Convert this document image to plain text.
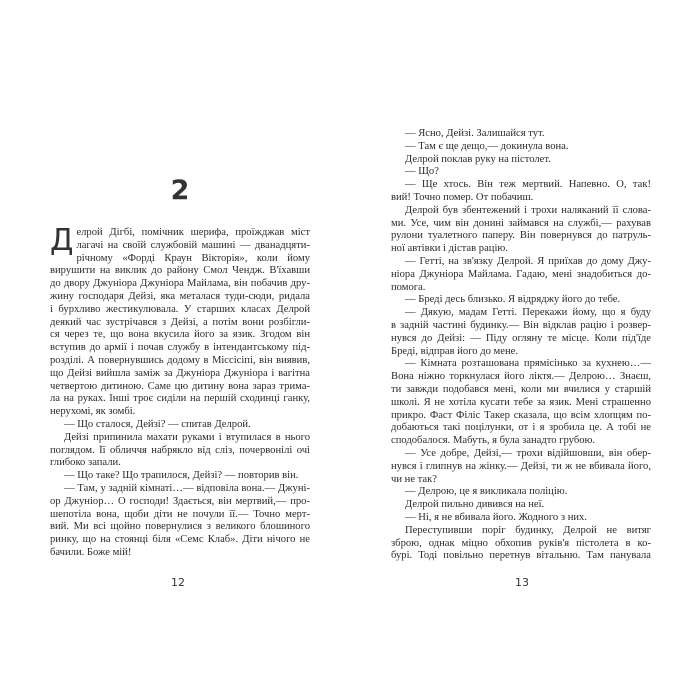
2
Д елрой Дігбі, помічник шерифа, проїжджав міст
лагачі на своїй службовій машині — дванадцяти-
річному «Форді Краун Вікторія», коли йому
вирушити на виклик до району Смол Чендж. В'їхавши
до двору Джуніора Джуніора Майлама, він побачив дру-
жину господаря Дейзі, яка металася туди-сюди, ридала
і бурхливо жестикулювала. У старших класах Делрой
деякий час зустрічався з Дейзі, а потім вони розбігли-
ся через те, що вона вкусила його за язик. Згодом він
вступив до армії і почав службу в інтендантському під-
розділі. А повернувшись додому в Міссісіпі, він виявив,
що Дейзі вийшла заміж за Джуніора Джуніора і вагітна
четвертою дитиною. Саме цю дитину вона зараз трима-
ла на руках. Інші троє сиділи на першій сходинці ганку,
нерухомі, як зомбі.
— Що сталося, Дейзі? — спитав Делрой.
Дейзі припинила махати руками і втупилася в нього
поглядом. Її обличчя набрякло від сліз, почервонілі очі
глибоко запали.
— Що таке? Що трапилося, Дейзі? — повторив він.
— Там, у задній кімнаті…— відповіла вона.— Джуні-
ор Джуніор… О господи! Здається, він мертвий,— про-
шепотіла вона, щоби діти не почули її.— Точно мерт-
вий. Ми всі щойно повернулися з великого блошиного
ринку, що на стоянці біля «Семс Клаб». Діти нічого не
бачили. Боже мій!
12
— Ясно, Дейзі. Залишайся тут.
— Там є ще дещо,— докинула вона.
Делрой поклав руку на пістолет.
— Що?
— Ще хтось. Він теж мертвий. Напевно. О, так!
вий! Точно помер. От побачиш.
Делрой був збентежений і трохи наляканий її слова-
ми. Усе, чим він донині займався на службі,— рахував
рулони туалетного паперу. Він повернувся до патруль-
ної автівки і дістав рацію.
— Гетті, на зв'язку Делрой. Я приїхав до дому Джу-
ніора Джуніора Майлама. Гадаю, мені знадобиться до-
помога.
— Бреді десь близько. Я відряджу його до тебе.
— Дякую, мадам Гетті. Перекажи йому, що я буду
в задній частині будинку.— Він відклав рацію і розвер-
нувся до Дейзі: — Піду огляну те місце. Коли під'їде
Бреді, відправ його до мене.
— Кімната розташована прямісінько за кухнею…—
Вона ніжно торкнулася його ліктя.— Делрою… Знаєш,
ти завжди подобався мені, коли ми вчилися у старшій
школі. Я не хотіла кусати тебе за язик. Мені страшенно
прикро. Фаст Філіс Такер сказала, що всім хлопцям по-
добаються такі поцілунки, от і я зробила це. А тобі не
сподобалося. Мабуть, я була занадто грубою.
— Усе добре, Дейзі,— трохи відійшовши, він обер-
нувся і глипнув на жінку.— Дейзі, ти ж не вбивала його,
чи не так?
— Делрою, це я викликала поліцію.
Делрой пильно дивився на неї.
— Ні, я не вбивала його. Жодного з них.
Переступивши поріг будинку, Делрой не витяг
зброю, однак міцно обхопив руків'я пістолета в ко-
бурі. Тоді повільно перетнув вітальню. Там панувала
13
